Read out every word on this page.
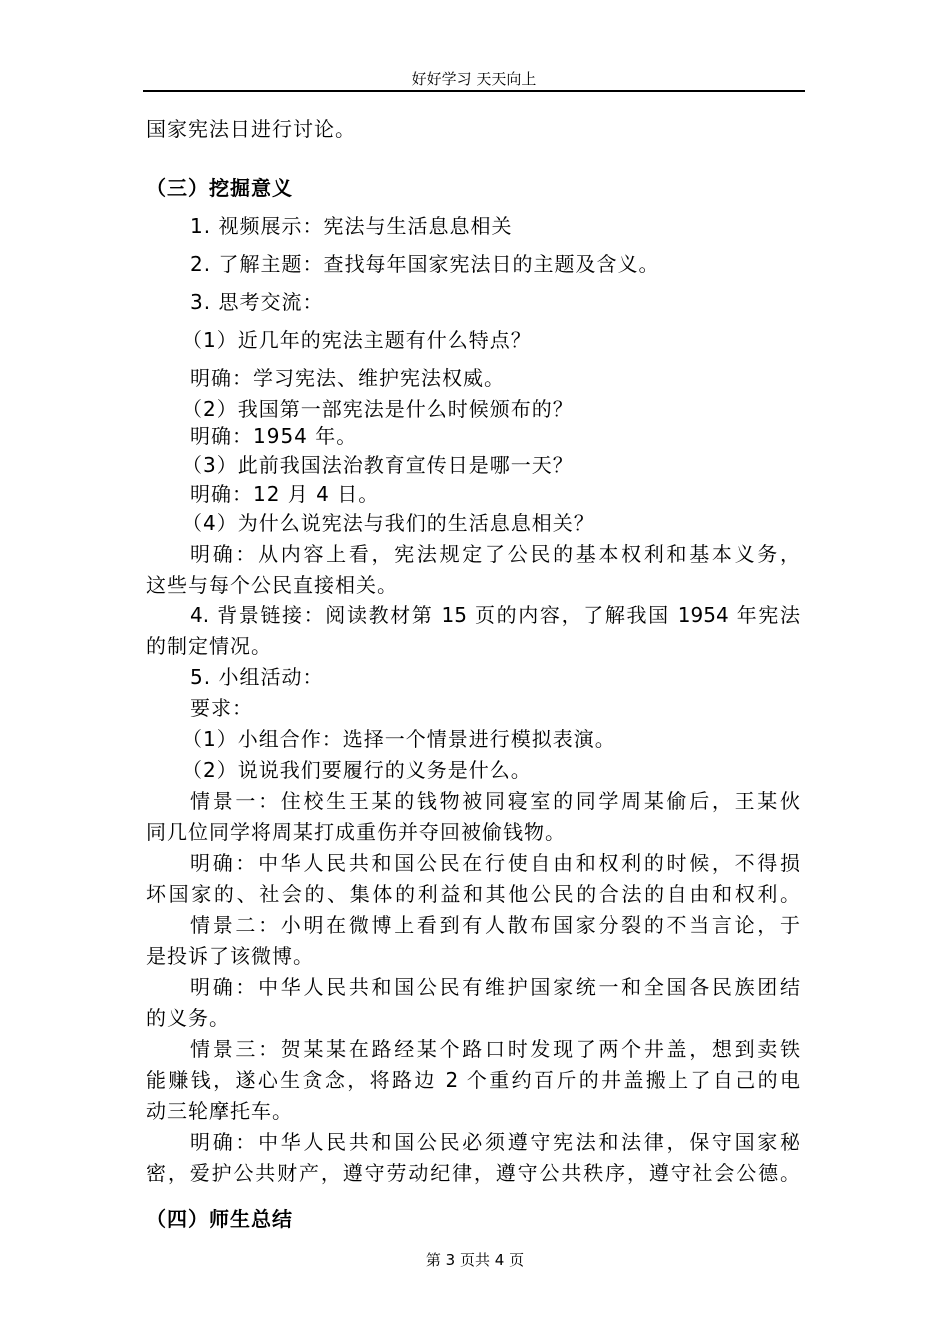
好好学习 天天向上
国家宪法日进行讨论。
（三）挖掘意义
1. 视频展示：宪法与生活息息相关
2. 了解主题：查找每年国家宪法日的主题及含义。
3. 思考交流：
（1）近几年的宪法主题有什么特点？
明确：学习宪法、维护宪法权威。
（2）我国第一部宪法是什么时候颁布的？
明确：1954 年。
（3）此前我国法治教育宣传日是哪一天？
明确：12 月 4 日。
（4）为什么说宪法与我们的生活息息相关？
明确：从内容上看，宪法规定了公民的基本权利和基本义务，
这些与每个公民直接相关。
4. 背景链接：阅读教材第 15 页的内容，了解我国 1954 年宪法
的制定情况。
5. 小组活动：
要求：
（1）小组合作：选择一个情景进行模拟表演。
（2）说说我们要履行的义务是什么。
情景一：住校生王某的钱物被同寝室的同学周某偷后，王某伙
同几位同学将周某打成重伤并夺回被偷钱物。
明确：中华人民共和国公民在行使自由和权利的时候，不得损
坏国家的、社会的、集体的利益和其他公民的合法的自由和权利。
情景二：小明在微博上看到有人散布国家分裂的不当言论，于
是投诉了该微博。
明确：中华人民共和国公民有维护国家统一和全国各民族团结
的义务。
情景三：贺某某在路经某个路口时发现了两个井盖，想到卖铁
能赚钱，遂心生贪念，将路边 2 个重约百斤的井盖搬上了自己的电
动三轮摩托车。
明确：中华人民共和国公民必须遵守宪法和法律，保守国家秘
密，爱护公共财产，遵守劳动纪律，遵守公共秩序，遵守社会公德。
（四）师生总结
第 3 页共 4 页
